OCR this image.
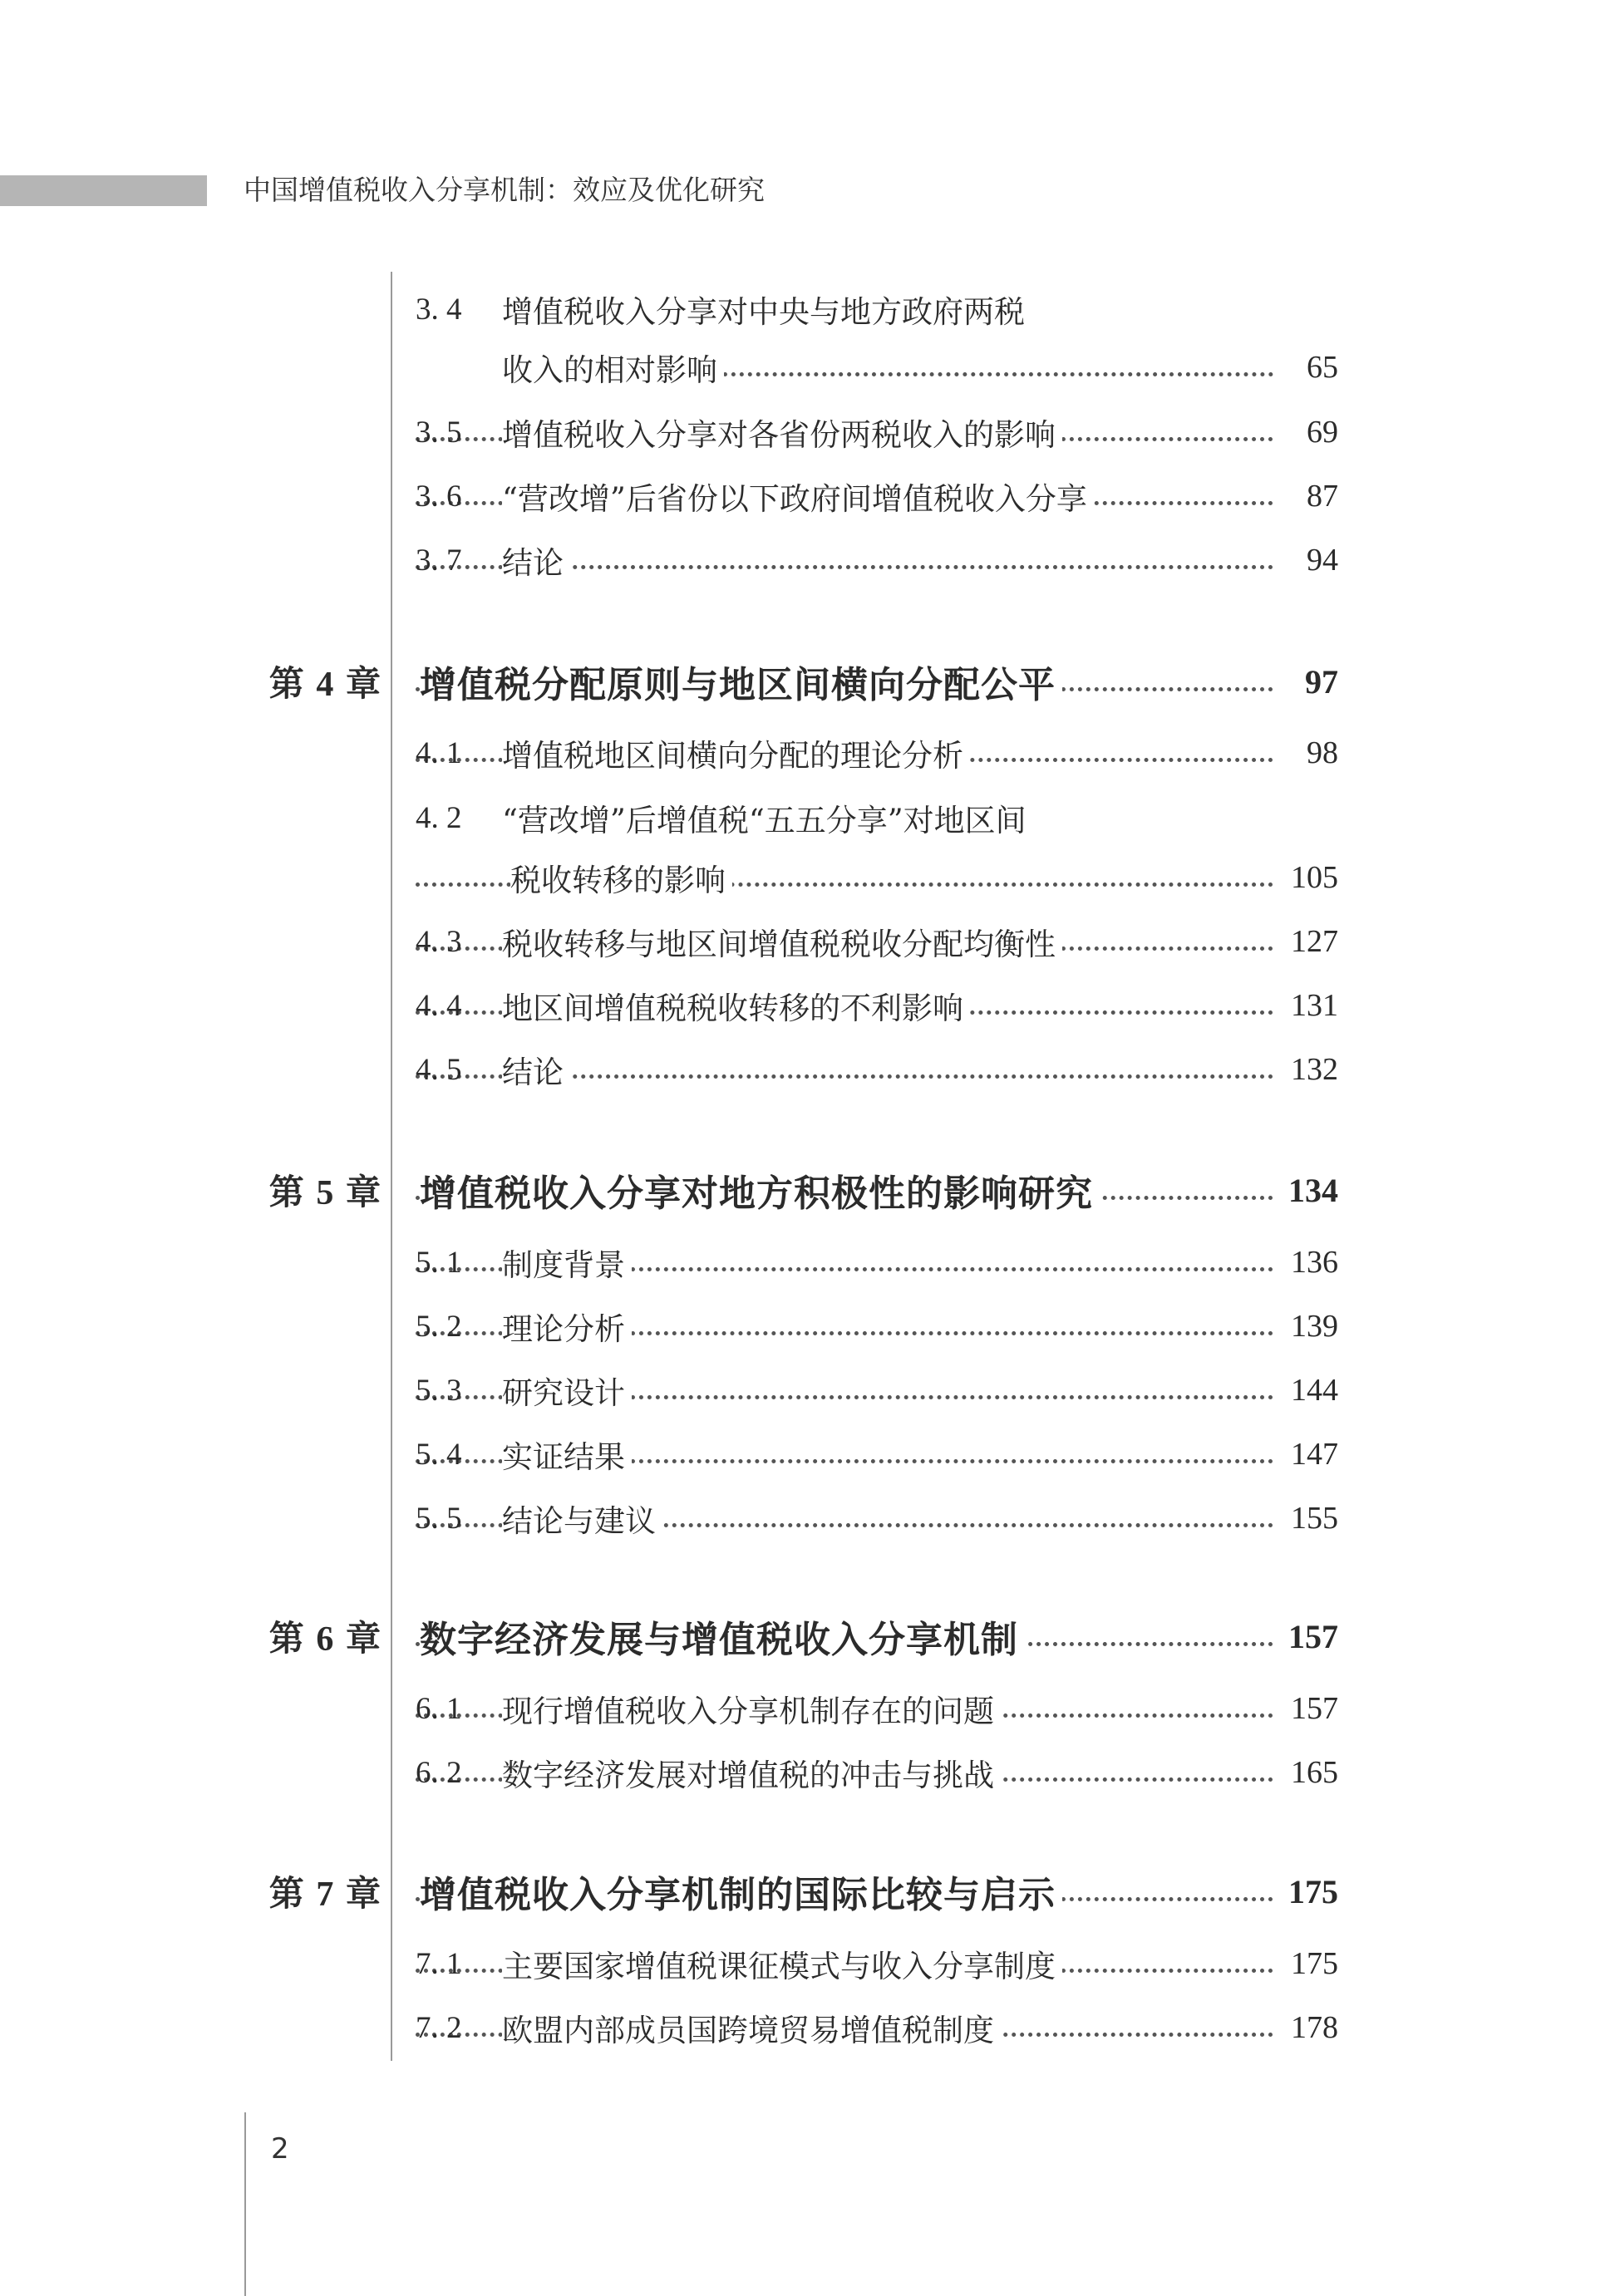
中国增值税收入分享机制：效应及优化研究
3. 4	增值税收入分享对中央与地方政府两税
收入的相对影响	65
3. 5	增值税收入分享对各省份两税收入的影响	69
3. 6	“营改增”后省份以下政府间增值税收入分享	87
3. 7	结论	94
第 4 章 增值税分配原则与地区间横向分配公平	97
4. 1	增值税地区间横向分配的理论分析	98
4. 2	“营改增”后增值税“五五分享”对地区间
税收转移的影响	105
4. 3	税收转移与地区间增值税税收分配均衡性	127
4. 4	地区间增值税税收转移的不利影响	131
4. 5	结论	132
第 5 章 增值税收入分享对地方积极性的影响研究	134
5. 1	制度背景	136
5. 2	理论分析	139
5. 3	研究设计	144
5. 4	实证结果	147
5. 5	结论与建议	155
第 6 章 数字经济发展与增值税收入分享机制	157
6. 1	现行增值税收入分享机制存在的问题	157
6. 2	数字经济发展对增值税的冲击与挑战	165
第 7 章 增值税收入分享机制的国际比较与启示	175
7. 1	主要国家增值税课征模式与收入分享制度	175
7. 2	欧盟内部成员国跨境贸易增值税制度	178
2
